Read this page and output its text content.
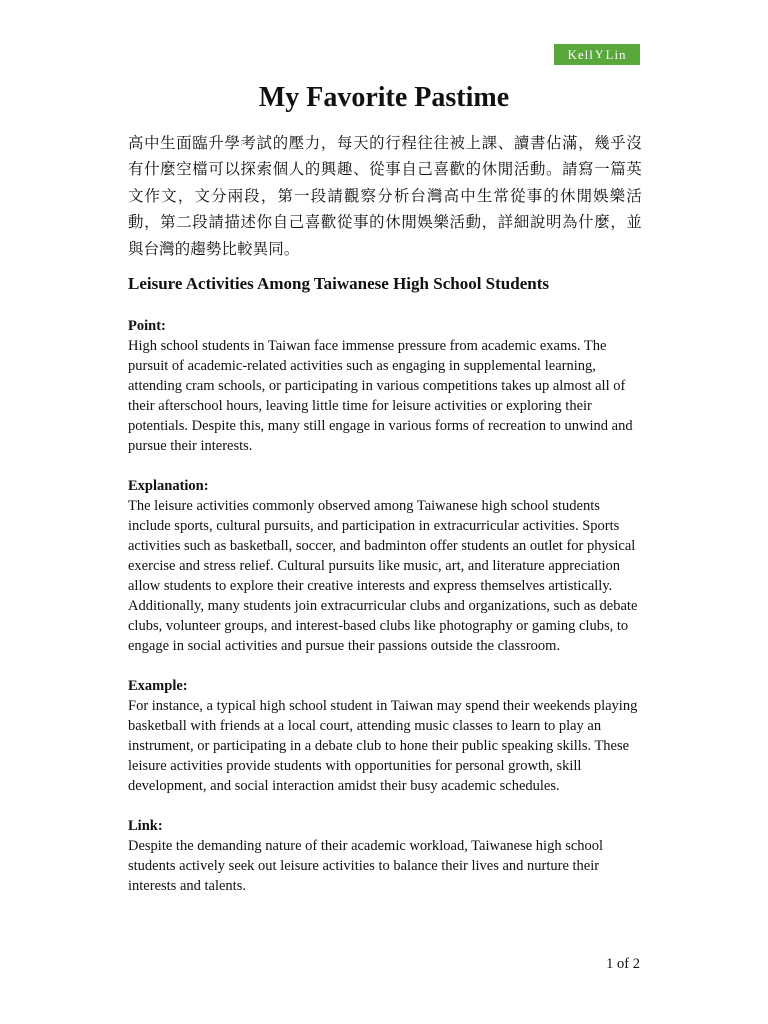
Kell Y Lin
My Favorite Pastime

高中生面臨升學考試的壓力，每天的行程往往被上課、讀書佔滿，幾乎沒有什麼空檔可以探索個人的興趣、從事自己喜歡的休閒活動。請寫一篇英文作文，文分兩段，第一段請觀察分析台灣高中生常從事的休閒娛樂活動，第二段請描述你自己喜歡從事的休閒娛樂活動，詳細說明為什麼，並與台灣的趨勢比較異同。

Leisure Activities Among Taiwanese High School Students
Point:

High school students in Taiwan face immense pressure from academic exams. The pursuit of academic-related activities such as engaging in supplemental learning, attending cram schools, or participating in various competitions takes up almost all of their afterschool hours, leaving little time for leisure activities or exploring their potentials. Despite this, many still engage in various forms of recreation to unwind and pursue their interests.

Explanation:

The leisure activities commonly observed among Taiwanese high school students include sports, cultural pursuits, and participation in extracurricular activities. Sports activities such as basketball, soccer, and badminton offer students an outlet for physical exercise and stress relief. Cultural pursuits like music, art, and literature appreciation allow students to explore their creative interests and express themselves artistically. Additionally, many students join extracurricular clubs and organizations, such as debate clubs, volunteer groups, and interest-based clubs like photography or gaming clubs, to engage in social activities and pursue their passions outside the classroom.

Example:

For instance, a typical high school student in Taiwan may spend their weekends playing basketball with friends at a local court, attending music classes to learn to play an instrument, or participating in a debate club to hone their public speaking skills. These leisure activities provide students with opportunities for personal growth, skill development, and social interaction amidst their busy academic schedules.

Link:

Despite the demanding nature of their academic workload, Taiwanese high school students actively seek out leisure activities to balance their lives and nurture their interests and talents.

1 of 2
